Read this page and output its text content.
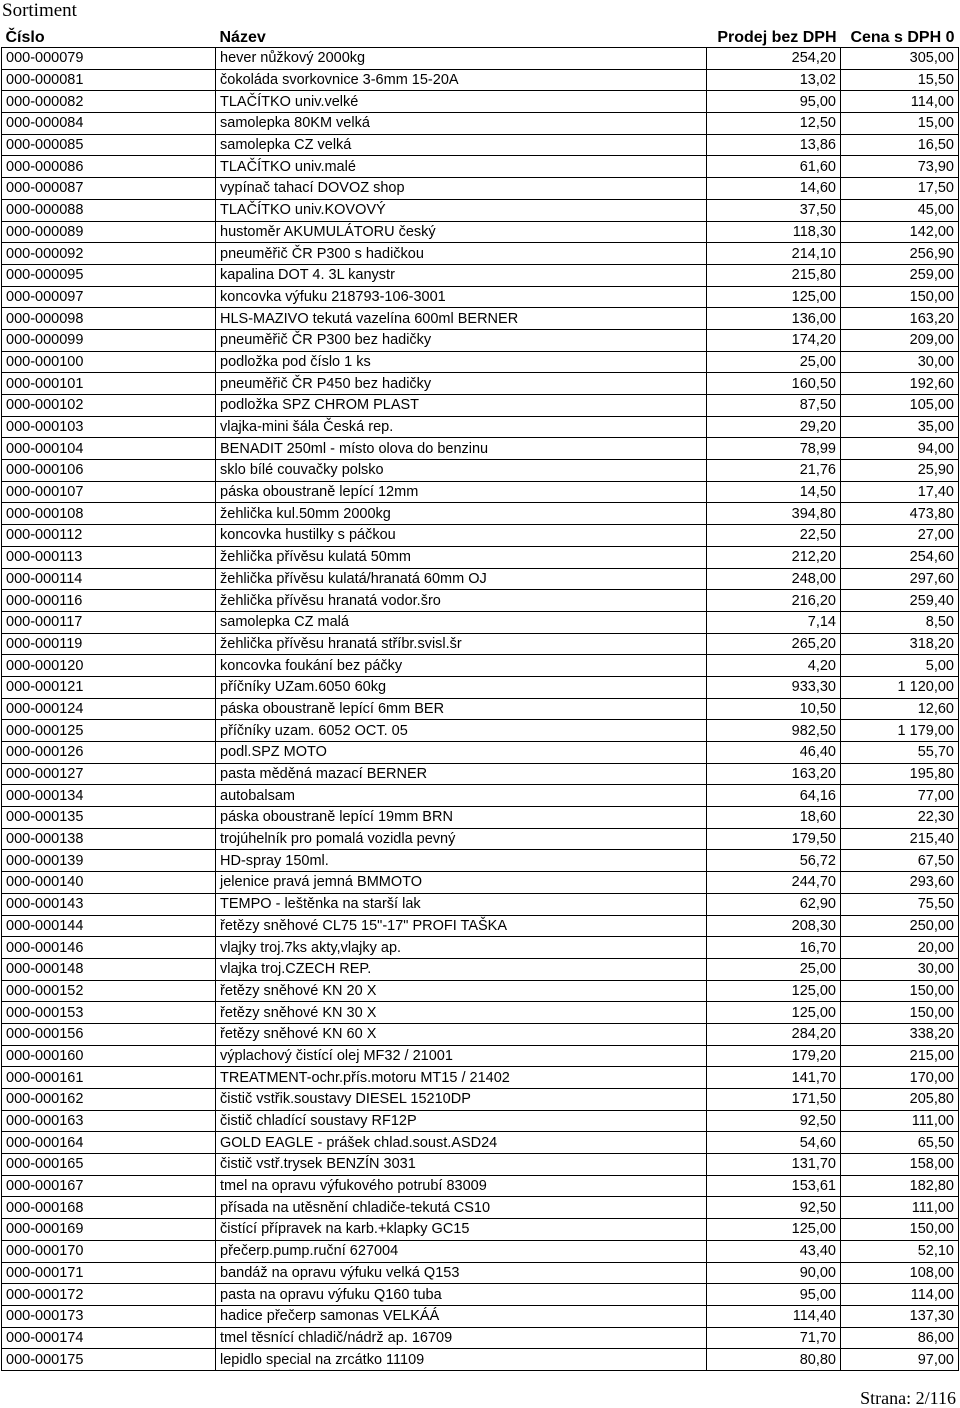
Sortiment
Číslo	Název	Prodej bez DPH	Cena s DPH 0
000-000079	hever nůžkový 2000kg	254,20	305,00
000-000081	čokoláda svorkovnice 3-6mm 15-20A	13,02	15,50
000-000082	TLAČÍTKO univ.velké	95,00	114,00
000-000084	samolepka 80KM velká	12,50	15,00
000-000085	samolepka CZ velká	13,86	16,50
000-000086	TLAČÍTKO univ.malé	61,60	73,90
000-000087	vypínač tahací DOVOZ shop	14,60	17,50
000-000088	TLAČÍTKO univ.KOVOVÝ	37,50	45,00
000-000089	hustoměr AKUMULÁTORU český	118,30	142,00
000-000092	pneuměřič ČR P300 s hadičkou	214,10	256,90
000-000095	kapalina DOT 4. 3L kanystr	215,80	259,00
000-000097	koncovka výfuku 218793-106-3001	125,00	150,00
000-000098	HLS-MAZIVO tekutá vazelína 600ml BERNER	136,00	163,20
000-000099	pneuměřič ČR P300 bez hadičky	174,20	209,00
000-000100	podložka pod číslo 1 ks	25,00	30,00
000-000101	pneuměřič ČR P450 bez hadičky	160,50	192,60
000-000102	podložka SPZ CHROM PLAST	87,50	105,00
000-000103	vlajka-mini šála Česká rep.	29,20	35,00
000-000104	BENADIT 250ml - místo olova do benzinu	78,99	94,00
000-000106	sklo bílé couvačky polsko	21,76	25,90
000-000107	páska oboustraně lepící 12mm	14,50	17,40
000-000108	žehlička kul.50mm 2000kg	394,80	473,80
000-000112	koncovka hustilky s páčkou	22,50	27,00
000-000113	žehlička přívěsu kulatá 50mm	212,20	254,60
000-000114	žehlička přívěsu kulatá/hranatá 60mm OJ	248,00	297,60
000-000116	žehlička přívěsu hranatá vodor.šro	216,20	259,40
000-000117	samolepka CZ malá	7,14	8,50
000-000119	žehlička přívěsu hranatá stříbr.svisl.šr	265,20	318,20
000-000120	koncovka foukání bez páčky	4,20	5,00
000-000121	příčníky UZam.6050 60kg	933,30	1 120,00
000-000124	páska oboustraně lepící 6mm BER	10,50	12,60
000-000125	příčníky uzam. 6052 OCT. 05	982,50	1 179,00
000-000126	podl.SPZ MOTO	46,40	55,70
000-000127	pasta měděná mazací BERNER	163,20	195,80
000-000134	autobalsam	64,16	77,00
000-000135	páska oboustraně lepící 19mm BRN	18,60	22,30
000-000138	trojúhelník pro pomalá vozidla pevný	179,50	215,40
000-000139	HD-spray 150ml.	56,72	67,50
000-000140	jelenice pravá jemná BMMOTO	244,70	293,60
000-000143	TEMPO - leštěnka na starší lak	62,90	75,50
000-000144	řetězy sněhové CL75 15"-17" PROFI TAŠKA	208,30	250,00
000-000146	vlajky troj.7ks akty,vlajky ap.	16,70	20,00
000-000148	vlajka troj.CZECH REP.	25,00	30,00
000-000152	řetězy sněhové KN 20 X	125,00	150,00
000-000153	řetězy sněhové KN 30 X	125,00	150,00
000-000156	řetězy sněhové KN 60 X	284,20	338,20
000-000160	výplachový čistící olej MF32 / 21001	179,20	215,00
000-000161	TREATMENT-ochr.přís.motoru MT15 / 21402	141,70	170,00
000-000162	čistič vstřik.soustavy DIESEL 15210DP	171,50	205,80
000-000163	čistič chladící soustavy RF12P	92,50	111,00
000-000164	GOLD EAGLE - prášek chlad.soust.ASD24	54,60	65,50
000-000165	čistič vstř.trysek BENZÍN 3031	131,70	158,00
000-000167	tmel na opravu výfukového potrubí 83009	153,61	182,80
000-000168	přísada na utěsnění chladiče-tekutá CS10	92,50	111,00
000-000169	čistící přípravek na karb.+klapky GC15	125,00	150,00
000-000170	přečerp.pump.ruční 627004	43,40	52,10
000-000171	bandáž na opravu výfuku velká Q153	90,00	108,00
000-000172	pasta na opravu výfuku Q160 tuba	95,00	114,00
000-000173	hadice přečerp samonas VELKÁÁ	114,40	137,30
000-000174	tmel těsnící chladič/nádrž ap. 16709	71,70	86,00
000-000175	lepidlo special na zrcátko 11109	80,80	97,00
Strana: 2/116
